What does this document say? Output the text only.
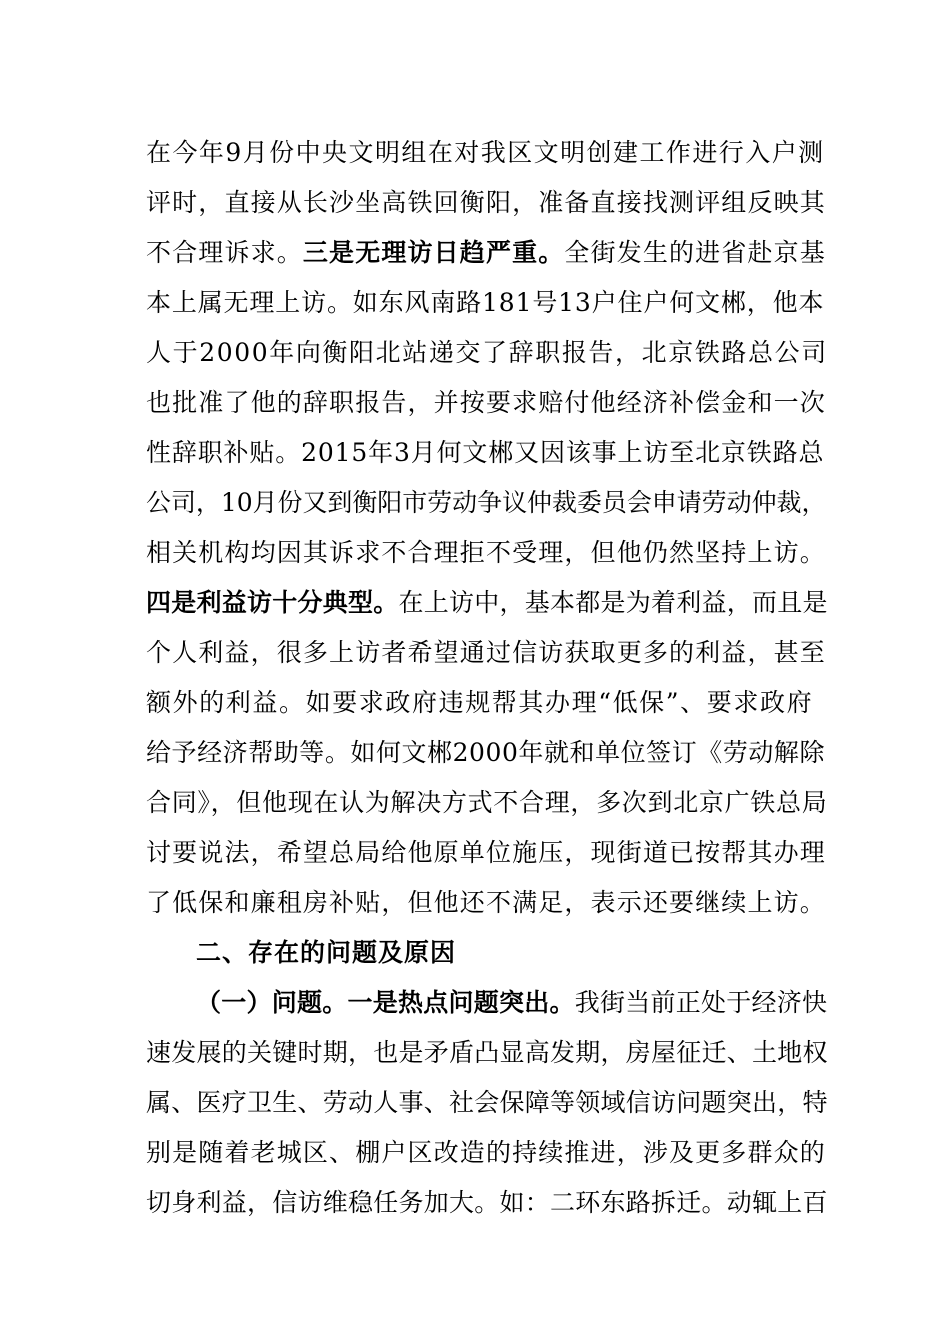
在今年9月份中央文明组在对我区文明创建工作进行入户测
评时，直接从长沙坐高铁回衡阳，准备直接找测评组反映其
不合理诉求。三是无理访日趋严重。全街发生的进省赴京基
本上属无理上访。如东风南路181号13户住户何文郴，他本
人于2000年向衡阳北站递交了辞职报告，北京铁路总公司
也批准了他的辞职报告，并按要求赔付他经济补偿金和一次
性辞职补贴。2015年3月何文郴又因该事上访至北京铁路总
公司，10月份又到衡阳市劳动争议仲裁委员会申请劳动仲裁，
相关机构均因其诉求不合理拒不受理，但他仍然坚持上访。
四是利益访十分典型。在上访中，基本都是为着利益，而且是
个人利益，很多上访者希望通过信访获取更多的利益，甚至
额外的利益。如要求政府违规帮其办理“低保”、要求政府
给予经济帮助等。如何文郴2000年就和单位签订《劳动解除
合同》，但他现在认为解决方式不合理，多次到北京广铁总局
讨要说法，希望总局给他原单位施压，现街道已按帮其办理
了低保和廉租房补贴，但他还不满足，表示还要继续上访。
二、存在的问题及原因
（一）问题。一是热点问题突出。我街当前正处于经济快
速发展的关键时期，也是矛盾凸显高发期，房屋征迁、土地权
属、医疗卫生、劳动人事、社会保障等领域信访问题突出，特
别是随着老城区、棚户区改造的持续推进，涉及更多群众的
切身利益，信访维稳任务加大。如：二环东路拆迁。动辄上百
